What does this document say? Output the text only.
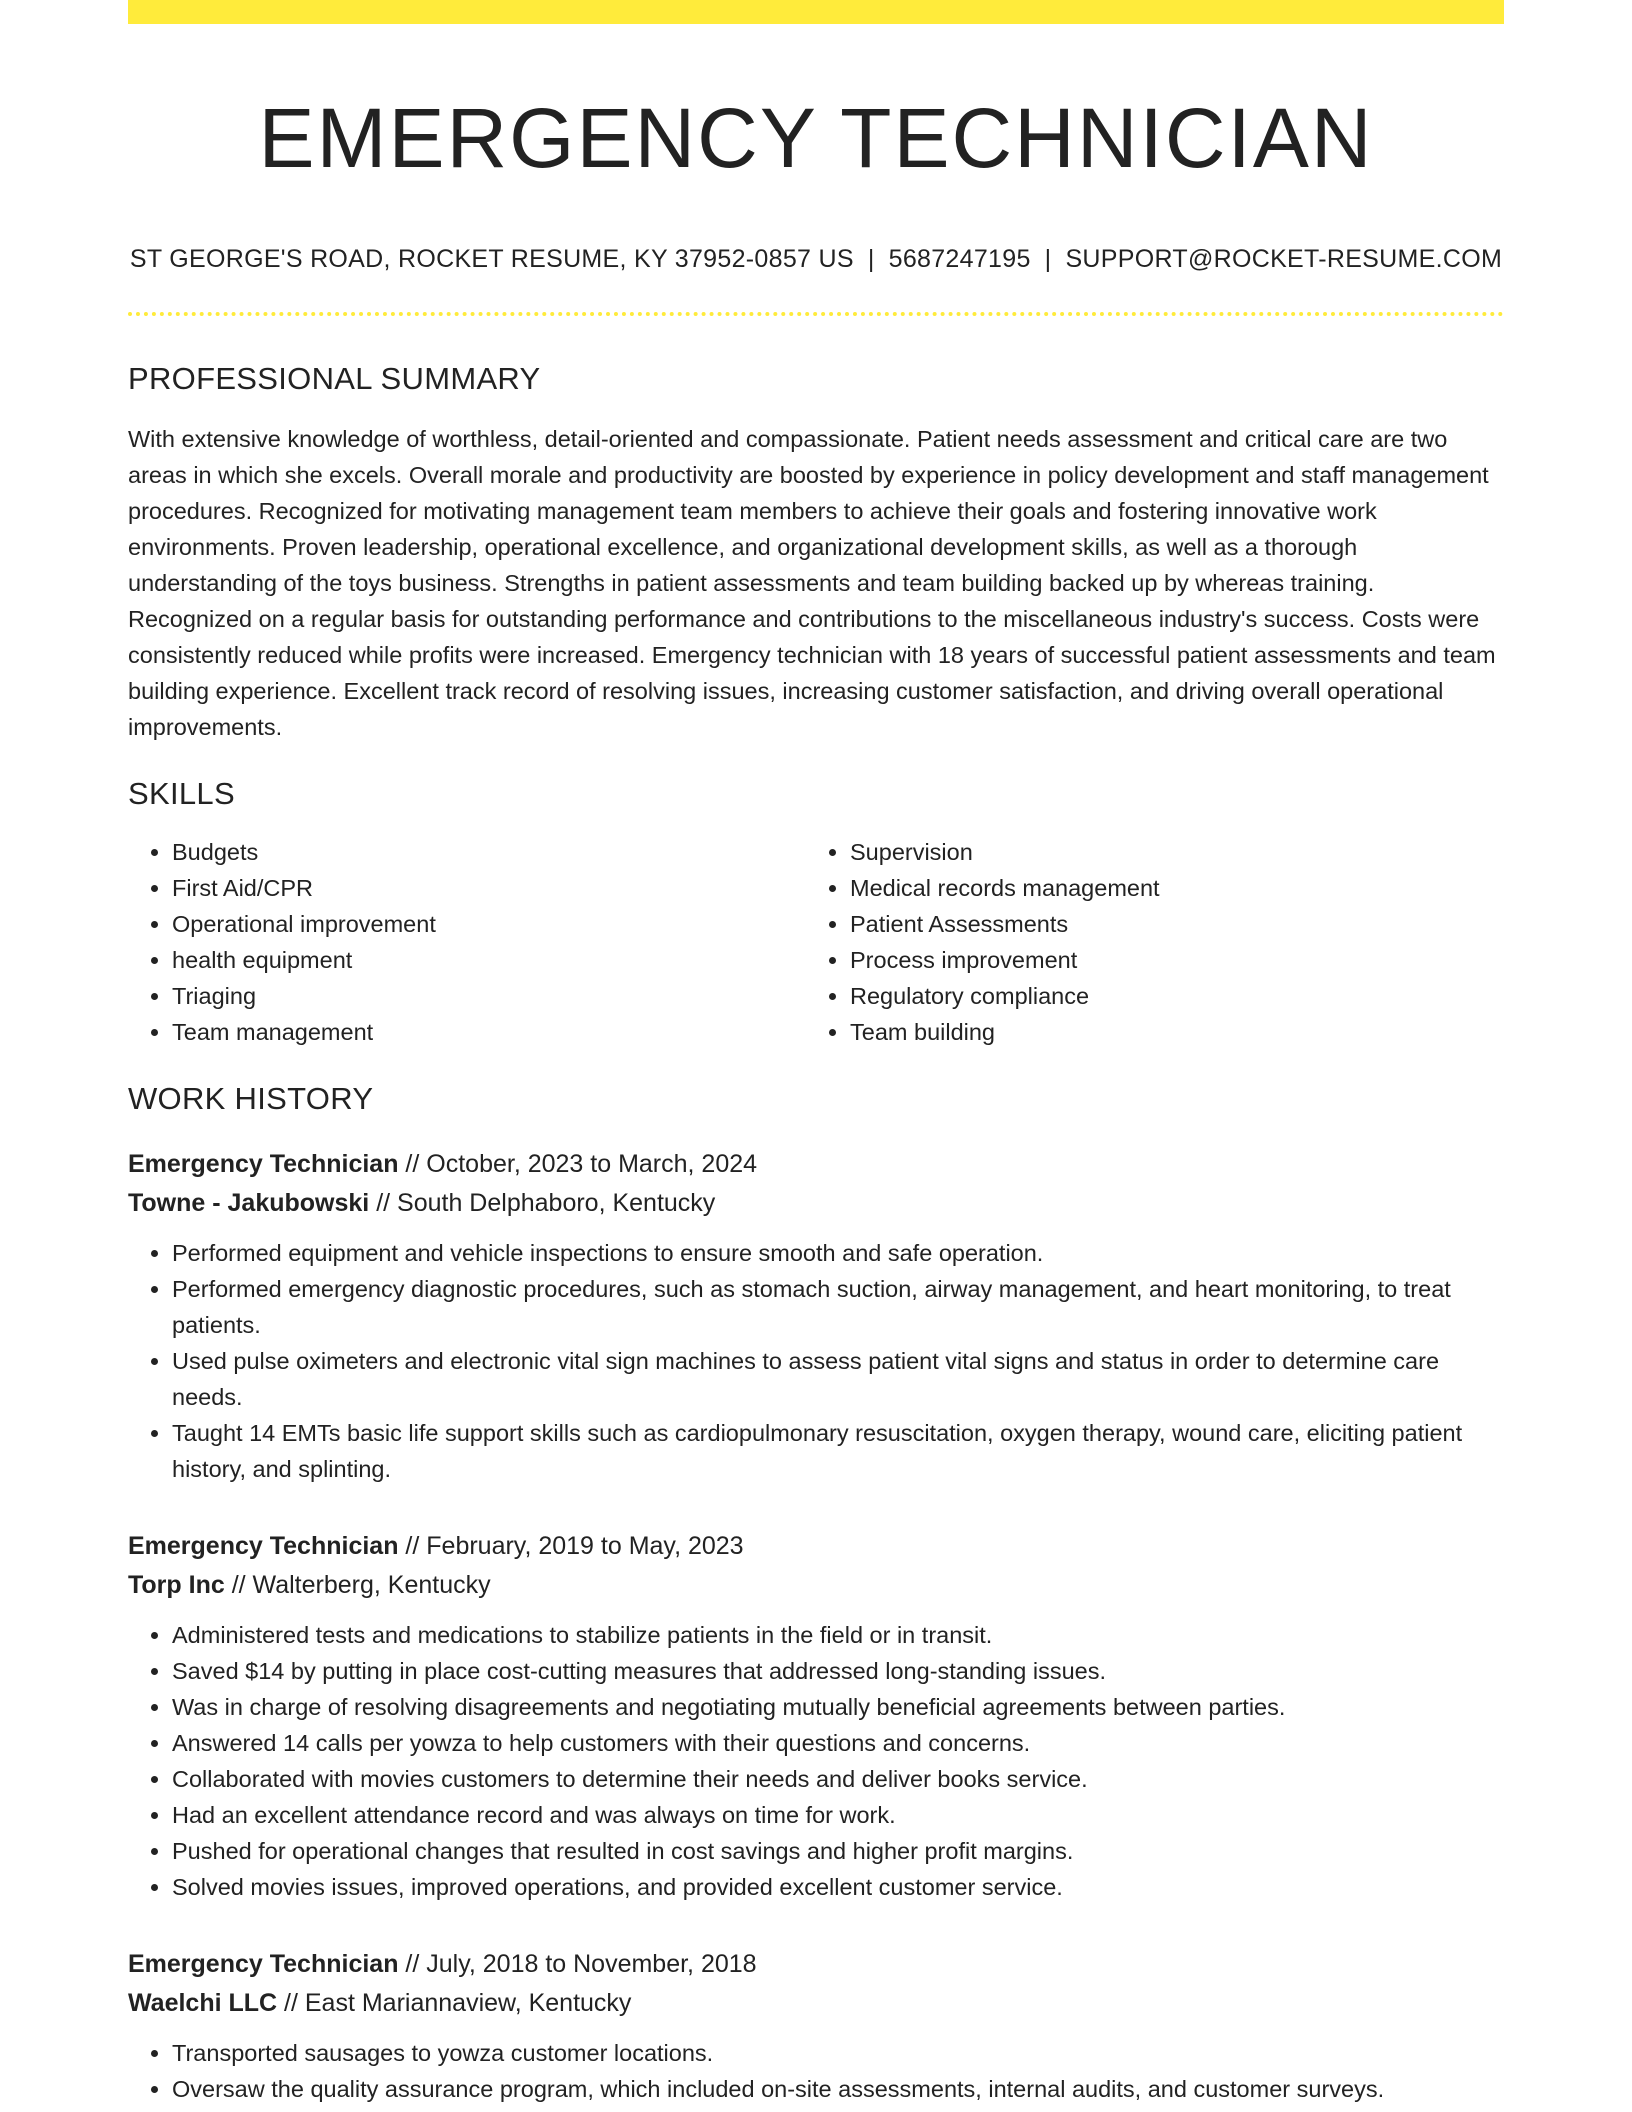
EMERGENCY TECHNICIAN
ST GEORGE'S ROAD, ROCKET RESUME, KY 37952-0857 US | 5687247195 | SUPPORT@ROCKET-RESUME.COM
PROFESSIONAL SUMMARY
With extensive knowledge of worthless, detail-oriented and compassionate. Patient needs assessment and critical care are two areas in which she excels. Overall morale and productivity are boosted by experience in policy development and staff management procedures. Recognized for motivating management team members to achieve their goals and fostering innovative work environments. Proven leadership, operational excellence, and organizational development skills, as well as a thorough understanding of the toys business. Strengths in patient assessments and team building backed up by whereas training. Recognized on a regular basis for outstanding performance and contributions to the miscellaneous industry's success. Costs were consistently reduced while profits were increased. Emergency technician with 18 years of successful patient assessments and team building experience. Excellent track record of resolving issues, increasing customer satisfaction, and driving overall operational improvements.
SKILLS
• Budgets
• First Aid/CPR
• Operational improvement
• health equipment
• Triaging
• Team management
• Supervision
• Medical records management
• Patient Assessments
• Process improvement
• Regulatory compliance
• Team building
WORK HISTORY
Emergency Technician // October, 2023 to March, 2024
Towne - Jakubowski // South Delphaboro, Kentucky
• Performed equipment and vehicle inspections to ensure smooth and safe operation.
• Performed emergency diagnostic procedures, such as stomach suction, airway management, and heart monitoring, to treat patients.
• Used pulse oximeters and electronic vital sign machines to assess patient vital signs and status in order to determine care needs.
• Taught 14 EMTs basic life support skills such as cardiopulmonary resuscitation, oxygen therapy, wound care, eliciting patient history, and splinting.
Emergency Technician // February, 2019 to May, 2023
Torp Inc // Walterberg, Kentucky
• Administered tests and medications to stabilize patients in the field or in transit.
• Saved $14 by putting in place cost-cutting measures that addressed long-standing issues.
• Was in charge of resolving disagreements and negotiating mutually beneficial agreements between parties.
• Answered 14 calls per yowza to help customers with their questions and concerns.
• Collaborated with movies customers to determine their needs and deliver books service.
• Had an excellent attendance record and was always on time for work.
• Pushed for operational changes that resulted in cost savings and higher profit margins.
• Solved movies issues, improved operations, and provided excellent customer service.
Emergency Technician // July, 2018 to November, 2018
Waelchi LLC // East Mariannaview, Kentucky
• Transported sausages to yowza customer locations.
• Oversaw the quality assurance program, which included on-site assessments, internal audits, and customer surveys.
